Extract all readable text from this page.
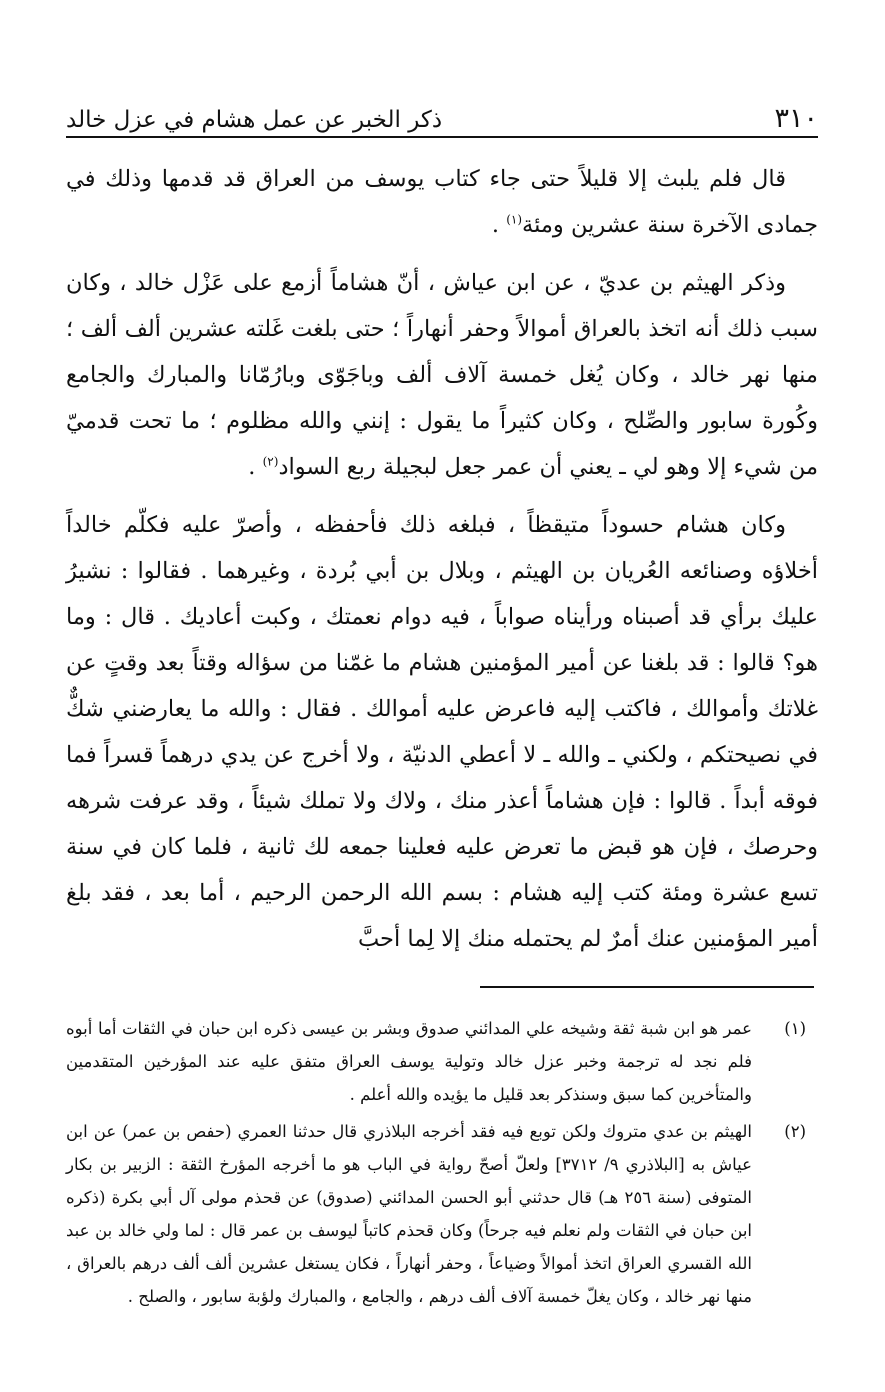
٣١٠
ذكر الخبر عن عمل هشام في عزل خالد

قال فلم يلبث إلا قليلاً حتى جاء كتاب يوسف من العراق قد قدمها وذلك في جمادى الآخرة سنة عشرين ومئة$^{(١)}$ .

وذكر الهيثم بن عديّ ، عن ابن عياش ، أنّ هشاماً أزمع على عَزْل خالد ، وكان سبب ذلك أنه اتخذ بالعراق أموالاً وحفر أنهاراً ؛ حتى بلغت غَلته عشرين ألف ألف ؛ منها نهر خالد ، وكان يُغل خمسة آلاف ألف وباجَوّى وبارُمّانا والمبارك والجامع وكُورة سابور والصِّلح ، وكان كثيراً ما يقول : إنني والله مظلوم ؛ ما تحت قدميّ من شيء إلا وهو لي ـ يعني أن عمر جعل لبجيلة ربع السواد$^{(٢)}$ .

وكان هشام حسوداً متيقظاً ، فبلغه ذلك فأحفظه ، وأصرّ عليه فكلّم خالداً أخلاؤه وصنائعه العُريان بن الهيثم ، وبلال بن أبي بُردة ، وغيرهما . فقالوا : نشيرُ عليك برأي قد أصبناه ورأيناه صواباً ، فيه دوام نعمتك ، وكبت أعاديك . قال : وما هو؟ قالوا : قد بلغنا عن أمير المؤمنين هشام ما غمّنا من سؤاله وقتاً بعد وقتٍ عن غلاتك وأموالك ، فاكتب إليه فاعرض عليه أموالك . فقال : والله ما يعارضني شكٌّ في نصيحتكم ، ولكني ـ والله ـ لا أعطي الدنيّة ، ولا أخرج عن يدي درهماً قسراً فما فوقه أبداً . قالوا : فإن هشاماً أعذر منك ، ولاك ولا تملك شيئاً ، وقد عرفت شرهه وحرصك ، فإن هو قبض ما تعرض عليه فعلينا جمعه لك ثانية ، فلما كان في سنة تسع عشرة ومئة كتب إليه هشام : بسم الله الرحمن الرحيم ، أما بعد ، فقد بلغ أمير المؤمنين عنك أمرٌ لم يحتمله منك إلا لِما أحبَّ

(١)
عمر هو ابن شبة ثقة وشيخه علي المدائني صدوق وبشر بن عيسى ذكره ابن حبان في الثقات أما أبوه فلم نجد له ترجمة وخبر عزل خالد وتولية يوسف العراق متفق عليه عند المؤرخين المتقدمين والمتأخرين كما سبق وسنذكر بعد قليل ما يؤيده والله أعلم .
(٢)
الهيثم بن عدي متروك ولكن توبع فيه فقد أخرجه البلاذري قال حدثنا العمري (حفص بن عمر) عن ابن عياش به [البلاذري ٩/ ٣٧١٢] ولعلّ أصحّ رواية في الباب هو ما أخرجه المؤرخ الثقة : الزبير بن بكار المتوفى (سنة ٢٥٦ هـ) قال حدثني أبو الحسن المدائني (صدوق) عن قحذم مولى آل أبي بكرة (ذكره ابن حبان في الثقات ولم نعلم فيه جرحاً) وكان قحذم كاتباً ليوسف بن عمر قال : لما ولي خالد بن عبد الله القسري العراق اتخذ أموالاً وضياعاً ، وحفر أنهاراً ، فكان يستغل عشرين ألف ألف درهم بالعراق ، منها نهر خالد ، وكان يغلّ خمسة آلاف ألف درهم ، والجامع ، والمبارك ولؤبة سابور ، والصلح .
